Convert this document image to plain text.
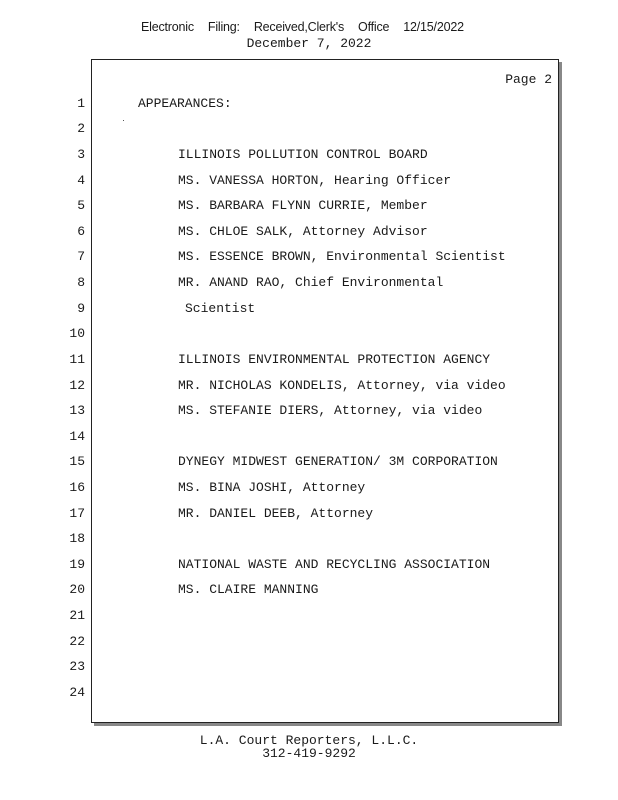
Electronic Filing: Received,Clerk's Office 12/15/2022
December 7, 2022
Page 2
1
2
3
4
5
6
7
8
9
10
11
12
13
14
15
16
17
18
19
20
21
22
23
24
APPEARANCES:
ILLINOIS POLLUTION CONTROL BOARD
MS. VANESSA HORTON, Hearing Officer
MS. BARBARA FLYNN CURRIE, Member
MS. CHLOE SALK, Attorney Advisor
MS. ESSENCE BROWN, Environmental Scientist
MR. ANAND RAO, Chief Environmental
Scientist
ILLINOIS ENVIRONMENTAL PROTECTION AGENCY
MR. NICHOLAS KONDELIS, Attorney, via video
MS. STEFANIE DIERS, Attorney, via video
DYNEGY MIDWEST GENERATION/ 3M CORPORATION
MS. BINA JOSHI, Attorney
MR. DANIEL DEEB, Attorney
NATIONAL WASTE AND RECYCLING ASSOCIATION
MS. CLAIRE MANNING
L.A. Court Reporters, L.L.C.
312-419-9292
